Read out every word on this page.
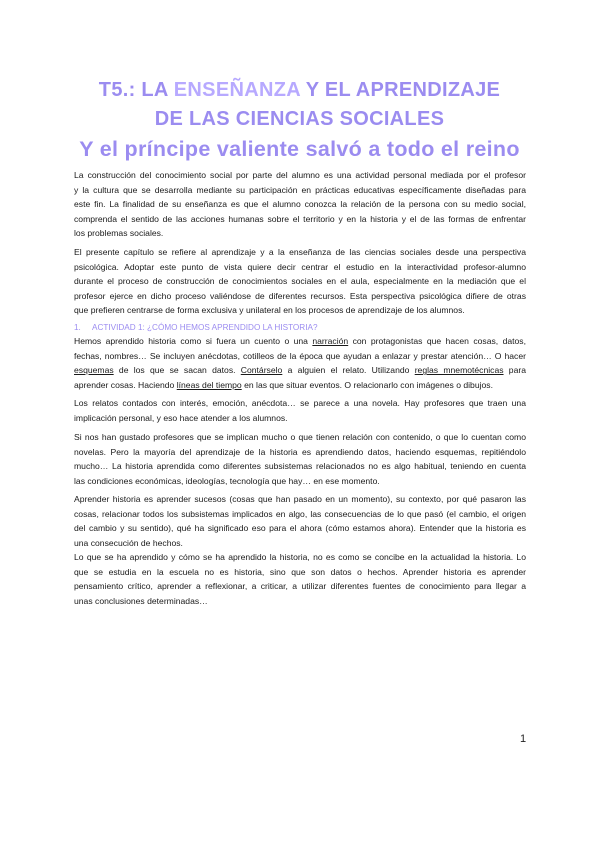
T5.: LA ENSEÑANZA Y EL APRENDIZAJE
DE LAS CIENCIAS SOCIALES
Y el príncipe valiente salvó a todo el reino
La construcción del conocimiento social por parte del alumno es una actividad personal mediada por el profesor
y la cultura que se desarrolla mediante su participación en prácticas educativas específicamente diseñadas para
este fin. La finalidad de su enseñanza es que el alumno conozca la relación de la persona con su medio social,
comprenda el sentido de las acciones humanas sobre el territorio y en la historia y el de las formas de enfrentar
los problemas sociales.
El presente capítulo se refiere al aprendizaje y a la enseñanza de las ciencias sociales desde una perspectiva
psicológica. Adoptar este punto de vista quiere decir centrar el estudio en la interactividad profesor-alumno
durante el proceso de construcción de conocimientos sociales en el aula, especialmente en la mediación que el
profesor ejerce en dicho proceso valiéndose de diferentes recursos. Esta perspectiva psicológica difiere de otras
que prefieren centrarse de forma exclusiva y unilateral en los procesos de aprendizaje de los alumnos.
1. ACTIVIDAD 1: ¿CÓMO HEMOS APRENDIDO LA HISTORIA?
Hemos aprendido historia como si fuera un cuento o una narración con protagonistas que hacen cosas, datos,
fechas, nombres… Se incluyen anécdotas, cotilleos de la época que ayudan a enlazar y prestar atención… O hacer
esquemas de los que se sacan datos. Contárselo a alguien el relato. Utilizando reglas mnemotécnicas para
aprender cosas. Haciendo líneas del tiempo en las que situar eventos. O relacionarlo con imágenes o dibujos.
Los relatos contados con interés, emoción, anécdota… se parece a una novela. Hay profesores que traen una
implicación personal, y eso hace atender a los alumnos.
Si nos han gustado profesores que se implican mucho o que tienen relación con contenido, o que lo cuentan como
novelas. Pero la mayoría del aprendizaje de la historia es aprendiendo datos, haciendo esquemas, repitiéndolo
mucho… La historia aprendida como diferentes subsistemas relacionados no es algo habitual, teniendo en cuenta
las condiciones económicas, ideologías, tecnología que hay… en ese momento.
Aprender historia es aprender sucesos (cosas que han pasado en un momento), su contexto, por qué pasaron las
cosas, relacionar todos los subsistemas implicados en algo, las consecuencias de lo que pasó (el cambio, el origen
del cambio y su sentido), qué ha significado eso para el ahora (cómo estamos ahora). Entender que la historia es
una consecución de hechos.
Lo que se ha aprendido y cómo se ha aprendido la historia, no es como se concibe en la actualidad la historia. Lo
que se estudia en la escuela no es historia, sino que son datos o hechos. Aprender historia es aprender
pensamiento crítico, aprender a reflexionar, a criticar, a utilizar diferentes fuentes de conocimiento para llegar a
unas conclusiones determinadas…
1
